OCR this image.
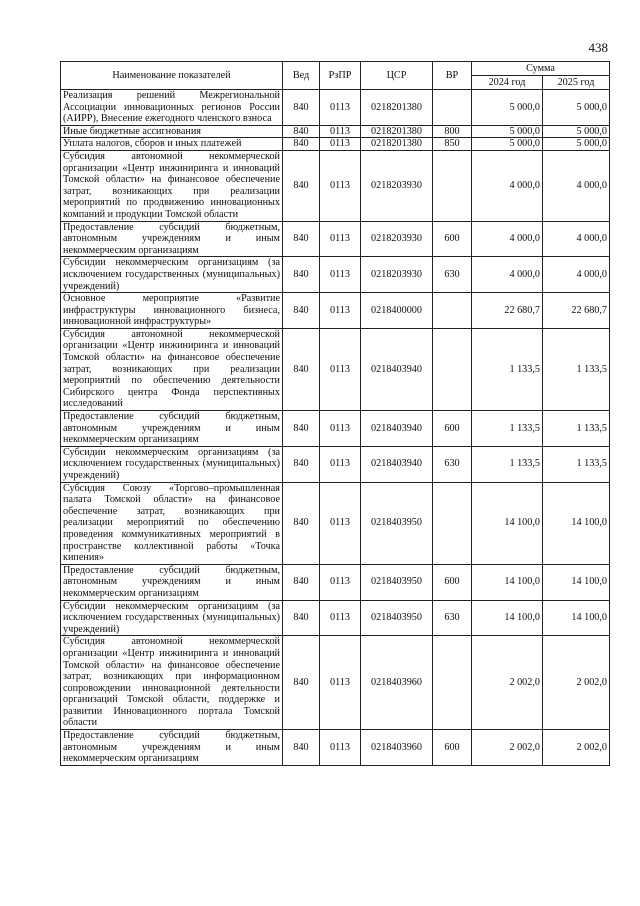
438
Наименование показателей	Вед	РзПР	ЦСР	ВР	Сумма	
					2024 год	2025 год
Реализация решений Межрегиональной Ассоциации инновационных регионов России (АИРР), Внесение ежегодного членского взноса	840	0113	0218201380		5 000,0	5 000,0
Иные бюджетные ассигнования	840	0113	0218201380	800	5 000,0	5 000,0
Уплата налогов, сборов и иных платежей	840	0113	0218201380	850	5 000,0	5 000,0
Субсидия автономной некоммерческой организации «Центр инжиниринга и инноваций Томской области» на финансовое обеспечение затрат, возникающих при реализации мероприятий по продвижению инновационных компаний и продукции Томской области	840	0113	0218203930		4 000,0	4 000,0
Предоставление субсидий бюджетным, автономным учреждениям и иным некоммерческим организациям	840	0113	0218203930	600	4 000,0	4 000,0
Субсидии некоммерческим организациям (за исключением государственных (муниципальных) учреждений)	840	0113	0218203930	630	4 000,0	4 000,0
Основное мероприятие «Развитие инфраструктуры инновационного бизнеса, инновационной инфраструктуры»	840	0113	0218400000		22 680,7	22 680,7
Субсидия автономной некоммерческой организации «Центр инжиниринга и инноваций Томской области» на финансовое обеспечение затрат, возникающих при реализации мероприятий по обеспечению деятельности Сибирского центра Фонда перспективных исследований	840	0113	0218403940		1 133,5	1 133,5
Предоставление субсидий бюджетным, автономным учреждениям и иным некоммерческим организациям	840	0113	0218403940	600	1 133,5	1 133,5
Субсидии некоммерческим организациям (за исключением государственных (муниципальных) учреждений)	840	0113	0218403940	630	1 133,5	1 133,5
Субсидия Союзу «Торгово–промышленная палата Томской области» на финансовое обеспечение затрат, возникающих при реализации мероприятий по обеспечению проведения коммуникативных мероприятий в пространстве коллективной работы «Точка кипения»	840	0113	0218403950		14 100,0	14 100,0
Предоставление субсидий бюджетным, автономным учреждениям и иным некоммерческим организациям	840	0113	0218403950	600	14 100,0	14 100,0
Субсидии некоммерческим организациям (за исключением государственных (муниципальных) учреждений)	840	0113	0218403950	630	14 100,0	14 100,0
Субсидия автономной некоммерческой организации «Центр инжиниринга и инноваций Томской области» на финансовое обеспечение затрат, возникающих при информационном сопровождении инновационной деятельности организаций Томской области, поддержке и развитии Инновационного портала Томской области	840	0113	0218403960		2 002,0	2 002,0
Предоставление субсидий бюджетным, автономным учреждениям и иным некоммерческим организациям	840	0113	0218403960	600	2 002,0	2 002,0
